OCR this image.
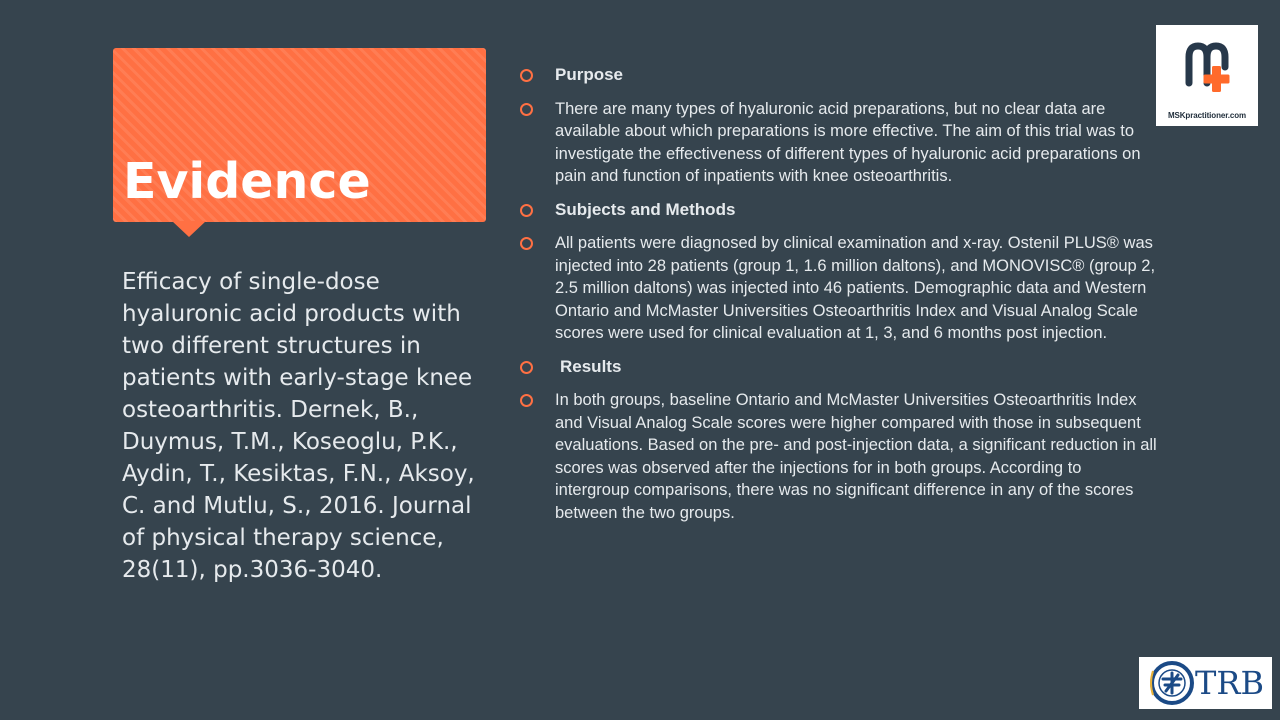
Evidence

Efficacy of single-dose hyaluronic acid products with two different structures in patients with early-stage knee osteoarthritis. Dernek, B., Duymus, T.M., Koseoglu, P.K., Aydin, T., Kesiktas, F.N., Aksoy, C. and Mutlu, S., 2016. Journal of physical therapy science, 28(11), pp.3036-3040.

Purpose
There are many types of hyaluronic acid preparations, but no clear data are available about which preparations is more effective. The aim of this trial was to investigate the effectiveness of different types of hyaluronic acid preparations on pain and function of inpatients with knee osteoarthritis.
Subjects and Methods
All patients were diagnosed by clinical examination and x-ray. Ostenil PLUS® was injected into 28 patients (group 1, 1.6 million daltons), and MONOVISC® (group 2, 2.5 million daltons) was injected into 46 patients. Demographic data and Western Ontario and McMaster Universities Osteoarthritis Index and Visual Analog Scale scores were used for clinical evaluation at 1, 3, and 6 months post injection.
Results
In both groups, baseline Ontario and McMaster Universities Osteoarthritis Index and Visual Analog Scale scores were higher compared with those in subsequent evaluations. Based on the pre- and post-injection data, a significant reduction in all scores was observed after the injections for in both groups. According to intergroup comparisons, there was no significant difference in any of the scores between the two groups.
MSKpractitioner.com
TRB
